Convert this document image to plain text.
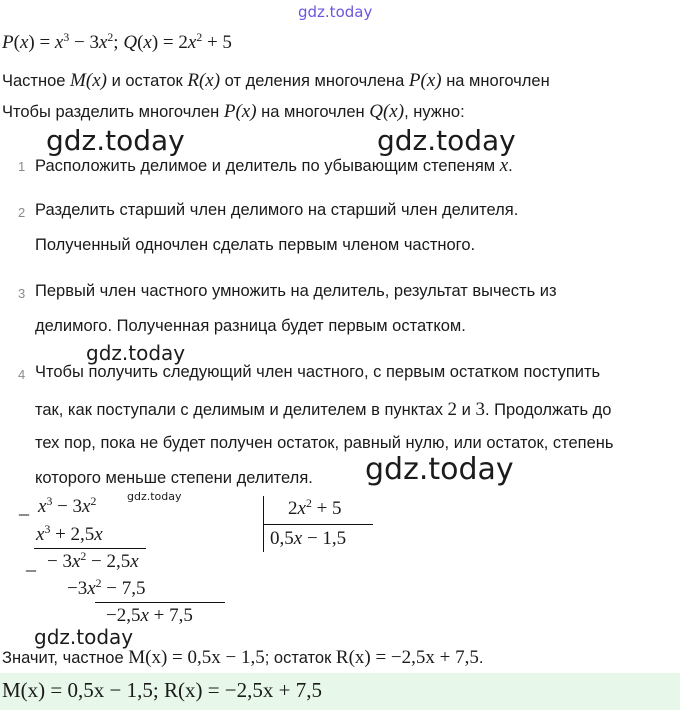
gdz.today
$P(x) = x^3 - 3x^2$; $Q(x) = 2x^2 + 5$
Частное M(x) и остаток R(x) от деления многочлена P(x) на многочлен
Чтобы разделить многочлен P(x) на многочлен Q(x), нужно:
gdz.today	gdz.today
1 Расположить делимое и делитель по убывающим степеням x.
2 Разделить старший член делимого на старший член делителя.
Полученный одночлен сделать первым членом частного.
3 Первый член частного умножить на делитель, результат вычесть из
делимого. Полученная разница будет первым остатком.
gdz.today
4 Чтобы получить следующий член частного, с первым остатком поступить
так, как поступали с делимым и делителем в пунктах 2 и 3. Продолжать до
тех пор, пока не будет получен остаток, равный нулю, или остаток, степень
которого меньше степени делителя. gdz.today
_ $x^3 - 3x^2$	gdz.today
$x^3 + 2,5x$
_ − $3x^2 - 2,5x$
$-3x^2 - 7,5$
−2,5x + 7,5
$2x^2 + 5$
0,5x − 1,5
gdz.today
Значит, частное M(x) = 0,5x − 1,5; остаток R(x) = −2,5x + 7,5.
M(x) = 0,5x − 1,5; R(x) = −2,5x + 7,5
